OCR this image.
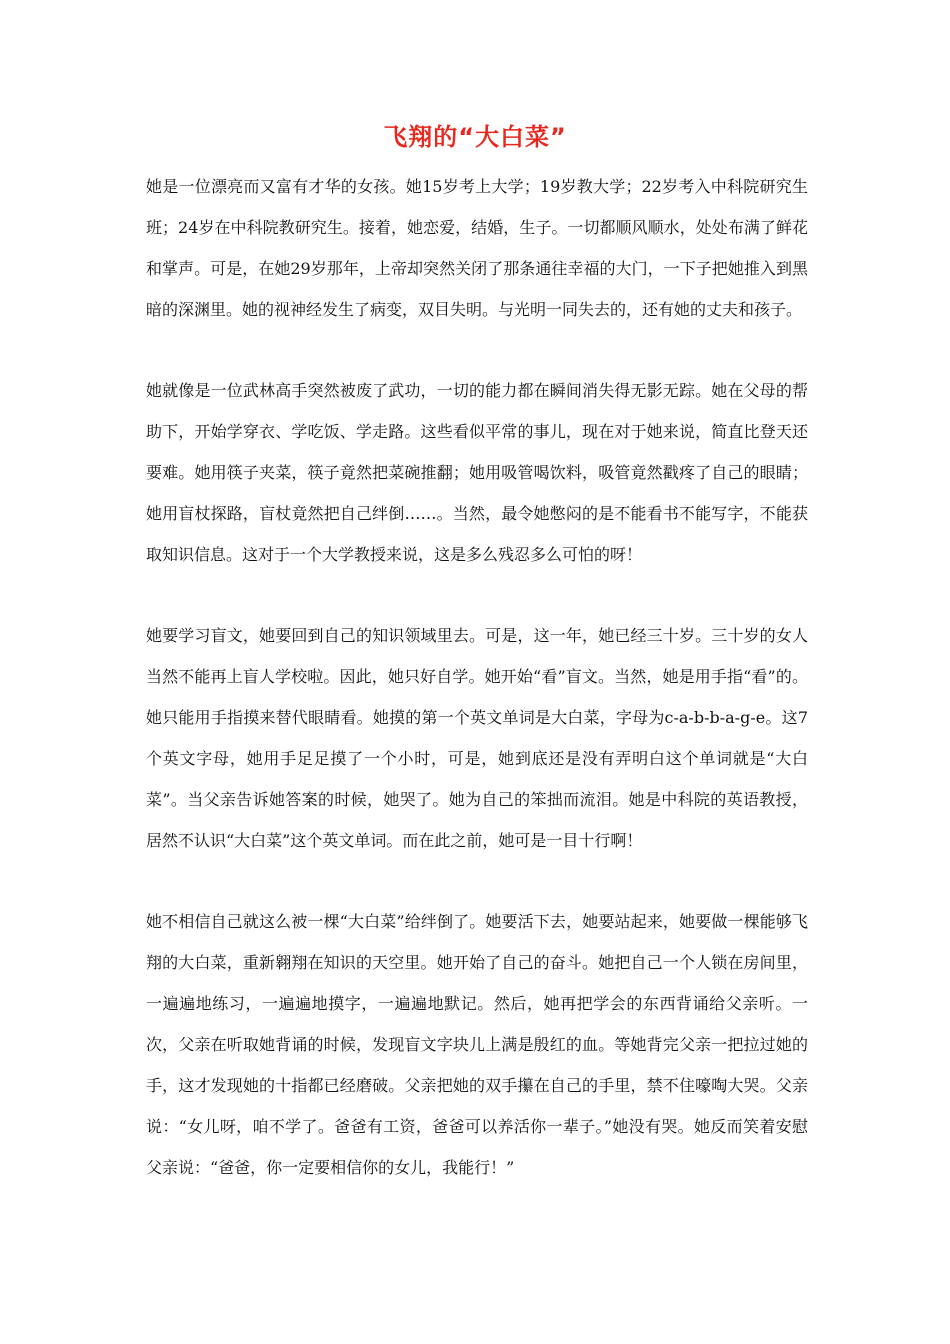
飞翔的“大白菜”

她是一位漂亮而又富有才华的女孩。她15岁考上大学；19岁教大学；22岁考入中科院研究生班；24岁在中科院教研究生。接着，她恋爱，结婚，生子。一切都顺风顺水，处处布满了鲜花和掌声。可是，在她29岁那年，上帝却突然关闭了那条通往幸福的大门，一下子把她推入到黑暗的深渊里。她的视神经发生了病变，双目失明。与光明一同失去的，还有她的丈夫和孩子。

她就像是一位武林高手突然被废了武功，一切的能力都在瞬间消失得无影无踪。她在父母的帮助下，开始学穿衣、学吃饭、学走路。这些看似平常的事儿，现在对于她来说，简直比登天还要难。她用筷子夹菜，筷子竟然把菜碗推翻；她用吸管喝饮料，吸管竟然戳疼了自己的眼睛；她用盲杖探路，盲杖竟然把自己绊倒……。当然，最令她憋闷的是不能看书不能写字，不能获取知识信息。这对于一个大学教授来说，这是多么残忍多么可怕的呀！

她要学习盲文，她要回到自己的知识领域里去。可是，这一年，她已经三十岁。三十岁的女人当然不能再上盲人学校啦。因此，她只好自学。她开始“看”盲文。当然，她是用手指“看”的。她只能用手指摸来替代眼睛看。她摸的第一个英文单词是大白菜，字母为c-a-b-b-a-g-e。这7个英文字母，她用手足足摸了一个小时，可是，她到底还是没有弄明白这个单词就是“大白菜”。当父亲告诉她答案的时候，她哭了。她为自己的笨拙而流泪。她是中科院的英语教授，居然不认识“大白菜”这个英文单词。而在此之前，她可是一目十行啊！

她不相信自己就这么被一棵“大白菜”给绊倒了。她要活下去，她要站起来，她要做一棵能够飞翔的大白菜，重新翱翔在知识的天空里。她开始了自己的奋斗。她把自己一个人锁在房间里，一遍遍地练习，一遍遍地摸字，一遍遍地默记。然后，她再把学会的东西背诵给父亲听。一次，父亲在听取她背诵的时候，发现盲文字块儿上满是殷红的血。等她背完父亲一把拉过她的手，这才发现她的十指都已经磨破。父亲把她的双手攥在自己的手里，禁不住嚎啕大哭。父亲说：“女儿呀，咱不学了。爸爸有工资，爸爸可以养活你一辈子。”她没有哭。她反而笑着安慰父亲说：“爸爸，你一定要相信你的女儿，我能行！”
